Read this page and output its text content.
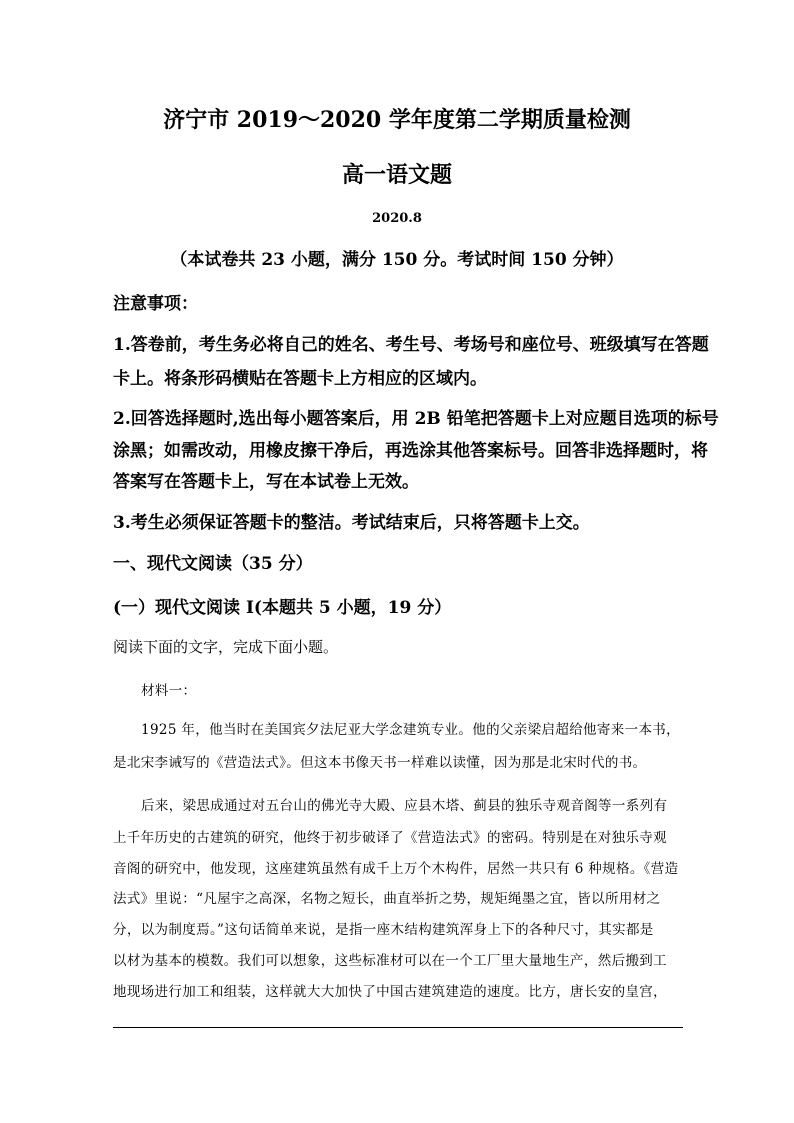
济宁市 2019～2020 学年度第二学期质量检测
高一语文题
2020.8
（本试卷共 23 小题，满分 150 分。考试时间 150 分钟）
注意事项：
1.答卷前，考生务必将自己的姓名、考生号、考场号和座位号、班级填写在答题
卡上。将条形码横贴在答题卡上方相应的区域内。
2.回答选择题时,选出每小题答案后，用 2B 铅笔把答题卡上对应题目选项的标号
涂黑；如需改动，用橡皮擦干净后，再选涂其他答案标号。回答非选择题时，将
答案写在答题卡上，写在本试卷上无效。
3.考生必须保证答题卡的整洁。考试结束后，只将答题卡上交。
一、现代文阅读（35 分）
(一）现代文阅读 I(本题共 5 小题，19 分）
阅读下面的文字，完成下面小题。
材料一：
1925 年，他当时在美国宾夕法尼亚大学念建筑专业。他的父亲梁启超给他寄来一本书，
是北宋李诫写的《营造法式》。但这本书像天书一样难以读懂，因为那是北宋时代的书。
后来，梁思成通过对五台山的佛光寺大殿、应县木塔、蓟县的独乐寺观音阁等一系列有
上千年历史的古建筑的研究，他终于初步破译了《营造法式》的密码。特别是在对独乐寺观
音阁的研究中，他发现，这座建筑虽然有成千上万个木构件，居然一共只有 6 种规格。《营造
法式》里说：“凡屋宇之高深，名物之短长，曲直举折之势，规矩绳墨之宜，皆以所用材之
分，以为制度焉。”这句话简单来说，是指一座木结构建筑浑身上下的各种尺寸，其实都是
以材为基本的模数。我们可以想象，这些标准材可以在一个工厂里大量地生产，然后搬到工
地现场进行加工和组装，这样就大大加快了中国古建筑建造的速度。比方，唐长安的皇宫，
